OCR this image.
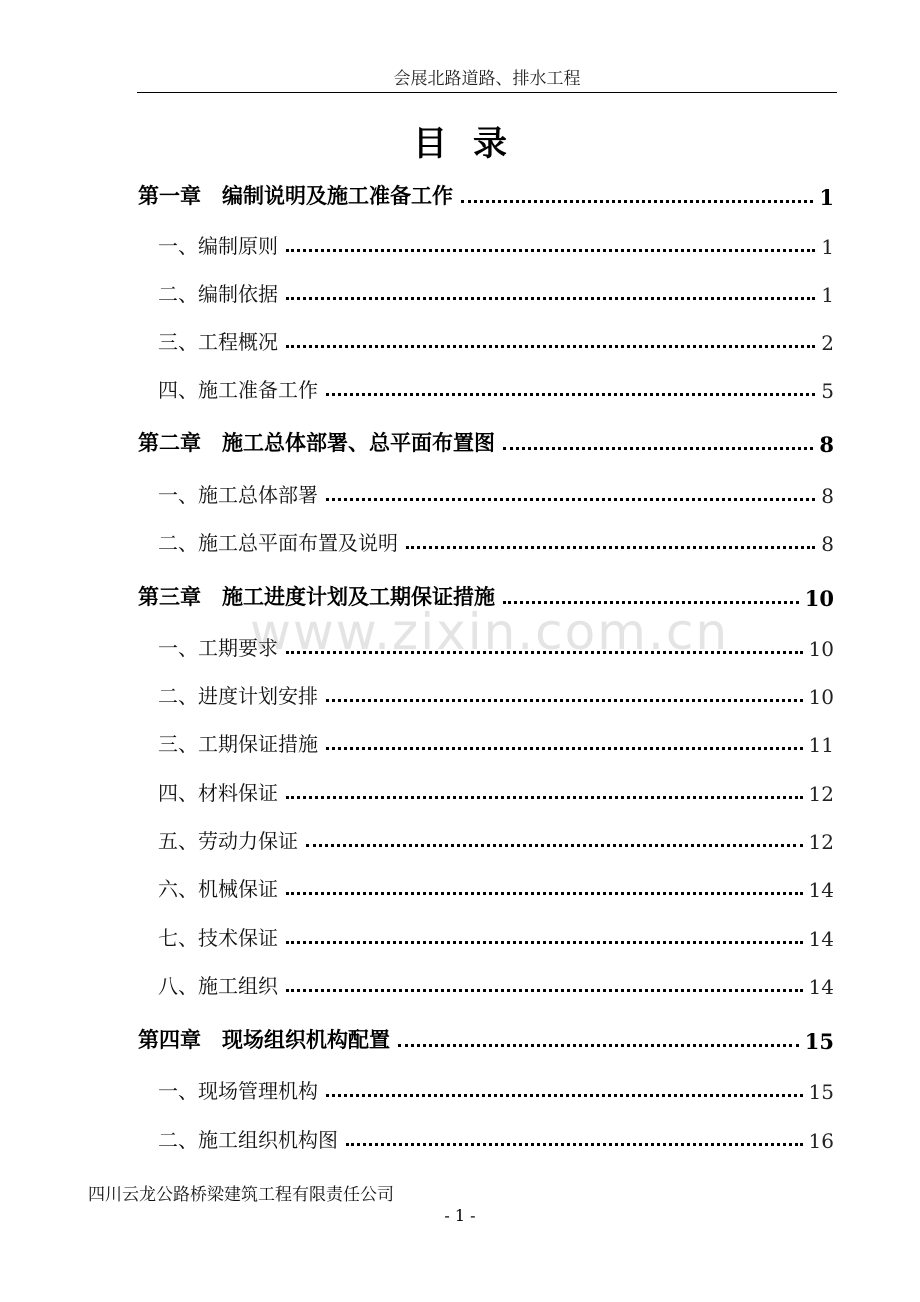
会展北路道路、排水工程
目录
www.zixin.com.cn
第一章　编制说明及施工准备工作	1
一、编制原则	1
二、编制依据	1
三、工程概况	2
四、施工准备工作	5
第二章　施工总体部署、总平面布置图	8
一、施工总体部署	8
二、施工总平面布置及说明	8
第三章　施工进度计划及工期保证措施	10
一、工期要求	10
二、进度计划安排	10
三、工期保证措施	11
四、材料保证	12
五、劳动力保证	12
六、机械保证	14
七、技术保证	14
八、施工组织	14
第四章　现场组织机构配置	15
一、现场管理机构	15
二、施工组织机构图	16
四川云龙公路桥梁建筑工程有限责任公司
- 1 -
